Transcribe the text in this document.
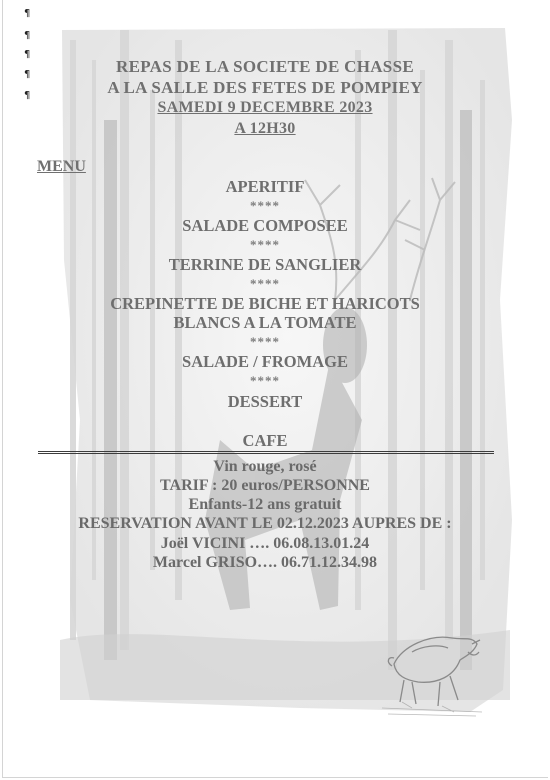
¶
¶
¶
¶
¶
REPAS DE LA SOCIETE DE CHASSE
A LA SALLE DES FETES DE POMPIEY
SAMEDI 9 DECEMBRE 2023
A 12H30
MENU
APERITIF
****
SALADE COMPOSEE
****
TERRINE DE SANGLIER
****
CREPINETTE DE BICHE ET HARICOTS
BLANCS A LA TOMATE
****
SALADE / FROMAGE
****
DESSERT
CAFE
Vin rouge, rosé
TARIF : 20 euros/PERSONNE
Enfants-12 ans gratuit
RESERVATION AVANT LE 02.12.2023 AUPRES DE :
Joël VICINI …. 06.08.13.01.24
Marcel GRISO…. 06.71.12.34.98
